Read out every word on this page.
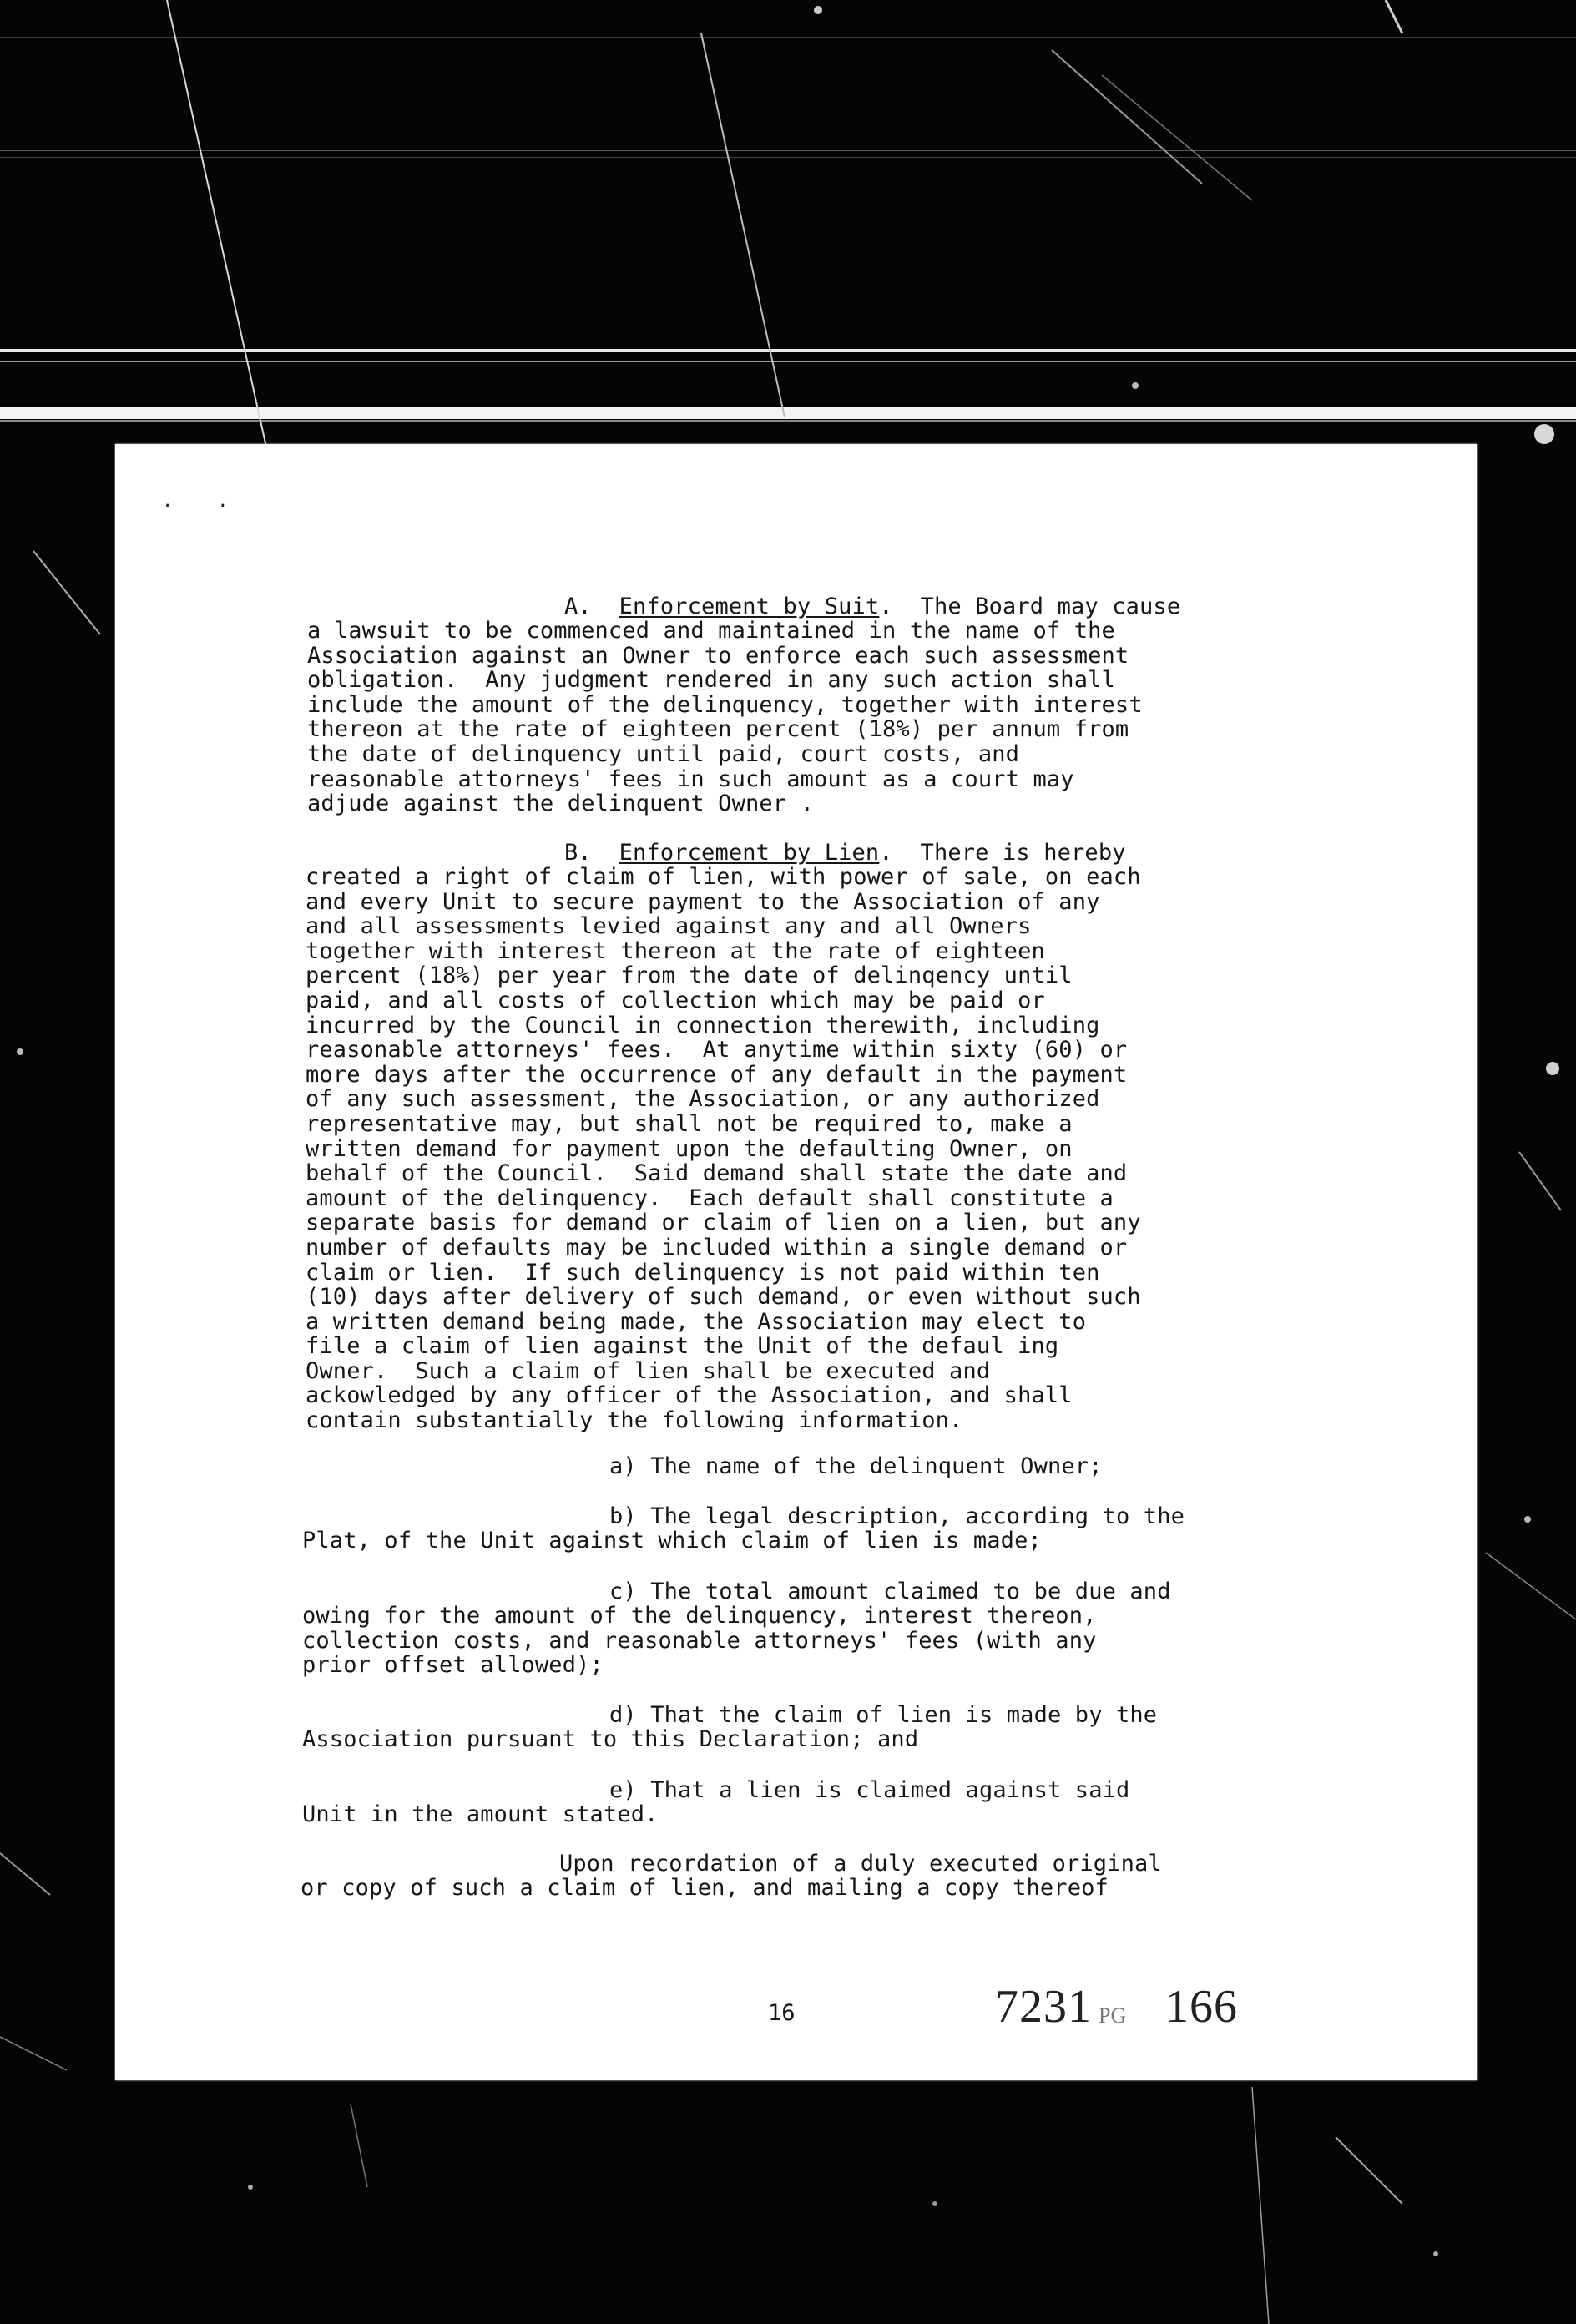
.    .

A.  Enforcement by Suit.  The Board may cause

a lawsuit to be commenced and maintained in the name of the
Association against an Owner to enforce each such assessment
obligation.  Any judgment rendered in any such action shall
include the amount of the delinquency, together with interest
thereon at the rate of eighteen percent (18%) per annum from
the date of delinquency until paid, court costs, and
reasonable attorneys' fees in such amount as a court may
adjude against the delinquent Owner .

B.  Enforcement by Lien.  There is hereby

created a right of claim of lien, with power of sale, on each
and every Unit to secure payment to the Association of any
and all assessments levied against any and all Owners
together with interest thereon at the rate of eighteen
percent (18%) per year from the date of delinqency until
paid, and all costs of collection which may be paid or
incurred by the Council in connection therewith, including
reasonable attorneys' fees.  At anytime within sixty (60) or
more days after the occurrence of any default in the payment
of any such assessment, the Association, or any authorized
representative may, but shall not be required to, make a
written demand for payment upon the defaulting Owner, on
behalf of the Council.  Said demand shall state the date and
amount of the delinquency.  Each default shall constitute a
separate basis for demand or claim of lien on a lien, but any
number of defaults may be included within a single demand or
claim or lien.  If such delinquency is not paid within ten
(10) days after delivery of such demand, or even without such
a written demand being made, the Association may elect to
file a claim of lien against the Unit of the defaul ing
Owner.  Such a claim of lien shall be executed and
ackowledged by any officer of the Association, and shall
contain substantially the following information.

a) The name of the delinquent Owner;

b) The legal description, according to the

Plat, of the Unit against which claim of lien is made;

c) The total amount claimed to be due and

owing for the amount of the delinquency, interest thereon,
collection costs, and reasonable attorneys' fees (with any
prior offset allowed);

d) That the claim of lien is made by the

Association pursuant to this Declaration; and

e) That a lien is claimed against said

Unit in the amount stated.

Upon recordation of a duly executed original

or copy of such a claim of lien, and mailing a copy thereof

16	7231 PG 166
